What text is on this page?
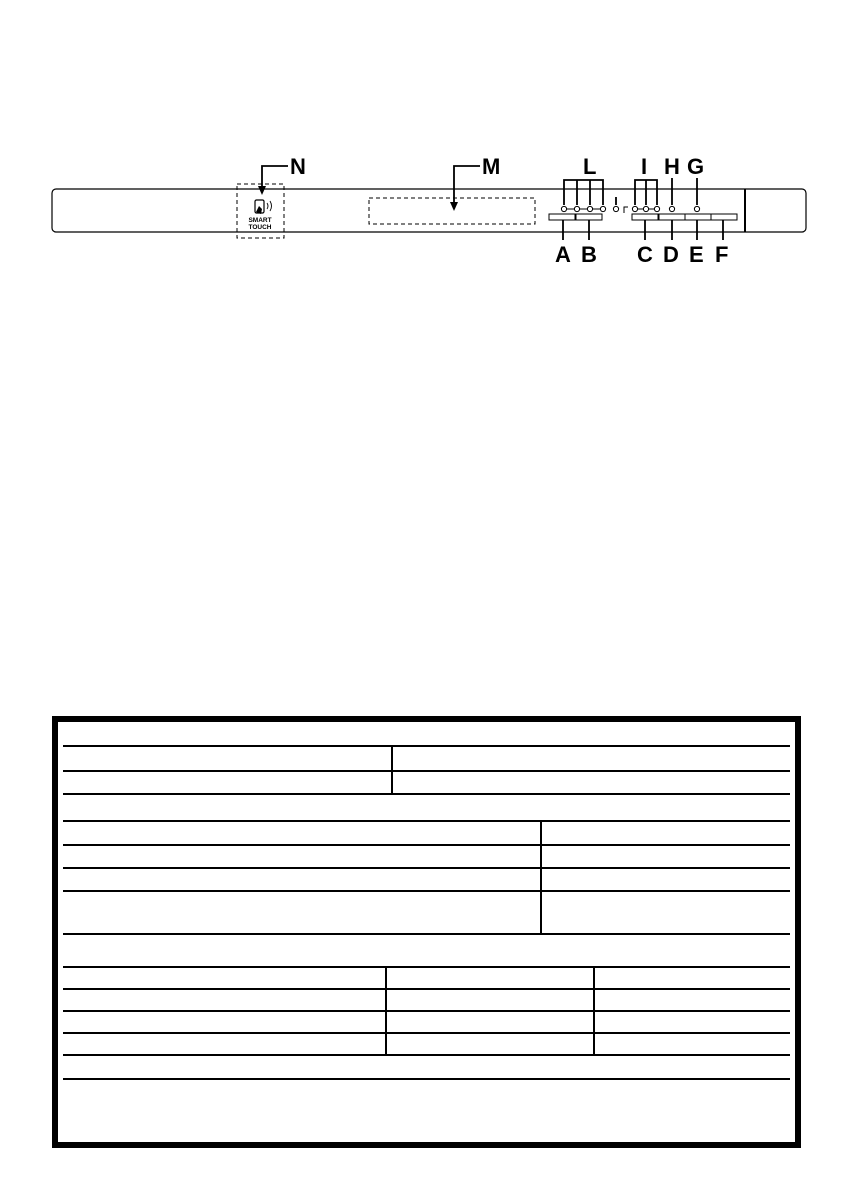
SMART
TOUCH
N	M	L I H G
A B C D E F
